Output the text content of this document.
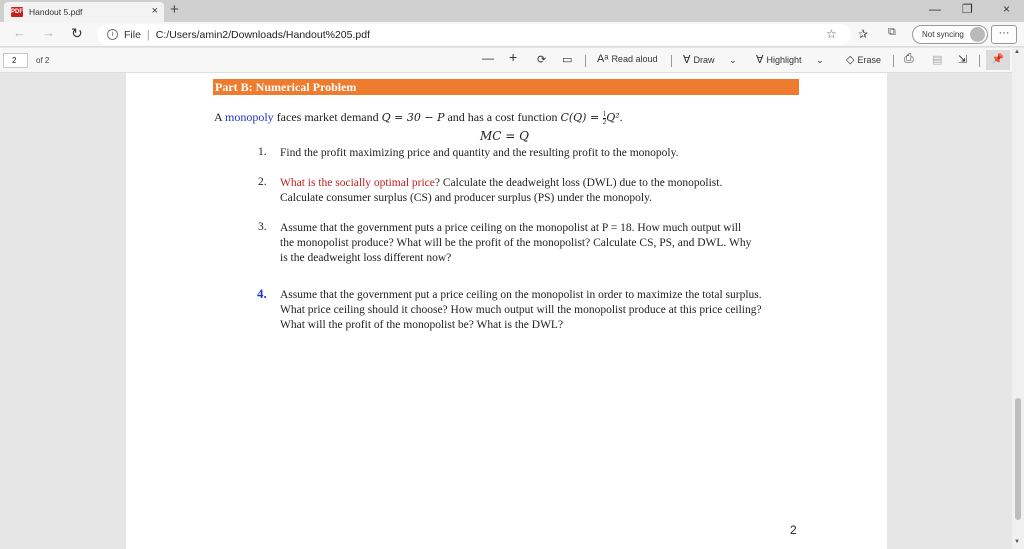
PDF Handout 5.pdf	× +	— ❐	×
← → ↻	i	File | C:/Users/amin2/Downloads/Handout%205.pdf	☆ ✰ ⧉	Not syncing	···
2	of 2	— + ⟳ ▭ Aᵃ Read aloud ∀ Draw ⌄ ∀ Highlight ⌄ ◇ Erase ⎙ ▤ ⇲	📌
Part B: Numerical Problem
A monopoly faces market demand Q = 30 − P and has a cost function $C(Q) = \frac{1}{2} Q^2$.
MC = Q
1. Find the profit maximizing price and quantity and the resulting profit to the monopoly.
2. What is the socially optimal price? Calculate the deadweight loss (DWL) due to the monopolist.
Calculate consumer surplus (CS) and producer surplus (PS) under the monopoly.
3. Assume that the government puts a price ceiling on the monopolist at P = 18. How much output will
the monopolist produce? What will be the profit of the monopolist? Calculate CS, PS, and DWL. Why
is the deadweight loss different now?
4. Assume that the government put a price ceiling on the monopolist in order to maximize the total surplus.
What price ceiling should it choose? How much output will the monopolist produce at this price ceiling?
What will the profit of the monopolist be? What is the DWL?
2
▲
▼
